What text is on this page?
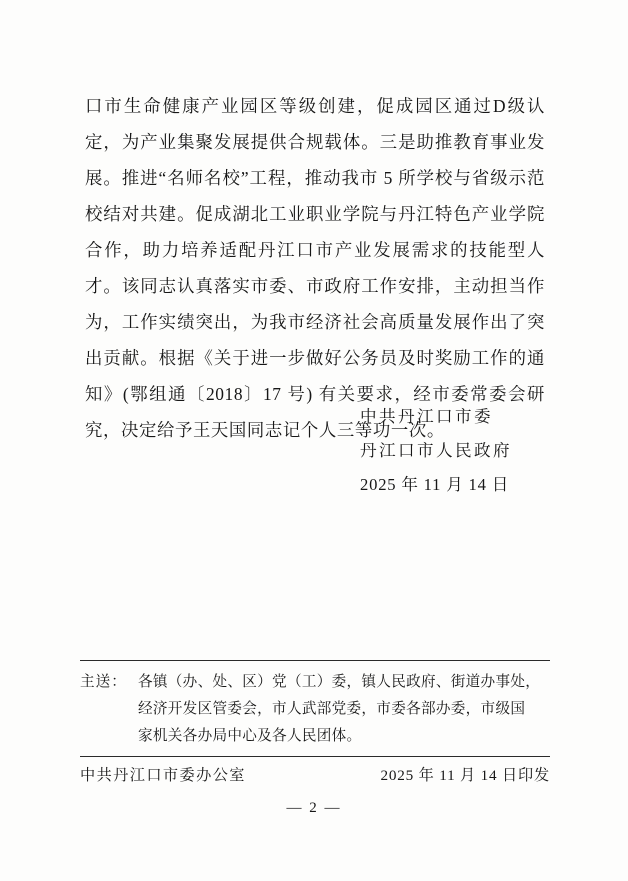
口市生命健康产业园区等级创建，促成园区通过D级认定，为产业集聚发展提供合规载体。三是助推教育事业发展。推进“名师名校”工程，推动我市 5 所学校与省级示范校结对共建。促成湖北工业职业学院与丹江特色产业学院合作，助力培养适配丹江口市产业发展需求的技能型人才。该同志认真落实市委、市政府工作安排，主动担当作为，工作实绩突出，为我市经济社会高质量发展作出了突出贡献。根据《关于进一步做好公务员及时奖励工作的通知》(鄂组通〔2018〕17 号) 有关要求，经市委常委会研究，决定给予王天国同志记个人三等功一次。
中共丹江口市委
丹江口市人民政府
2025 年 11 月 14 日
主送： 各镇（办、处、区）党（工）委，镇人民政府、街道办事处，
经济开发区管委会，市人武部党委，市委各部办委，市级国
家机关各办局中心及各人民团体。
中共丹江口市委办公室	2025 年 11 月 14 日印发
— 2 —
